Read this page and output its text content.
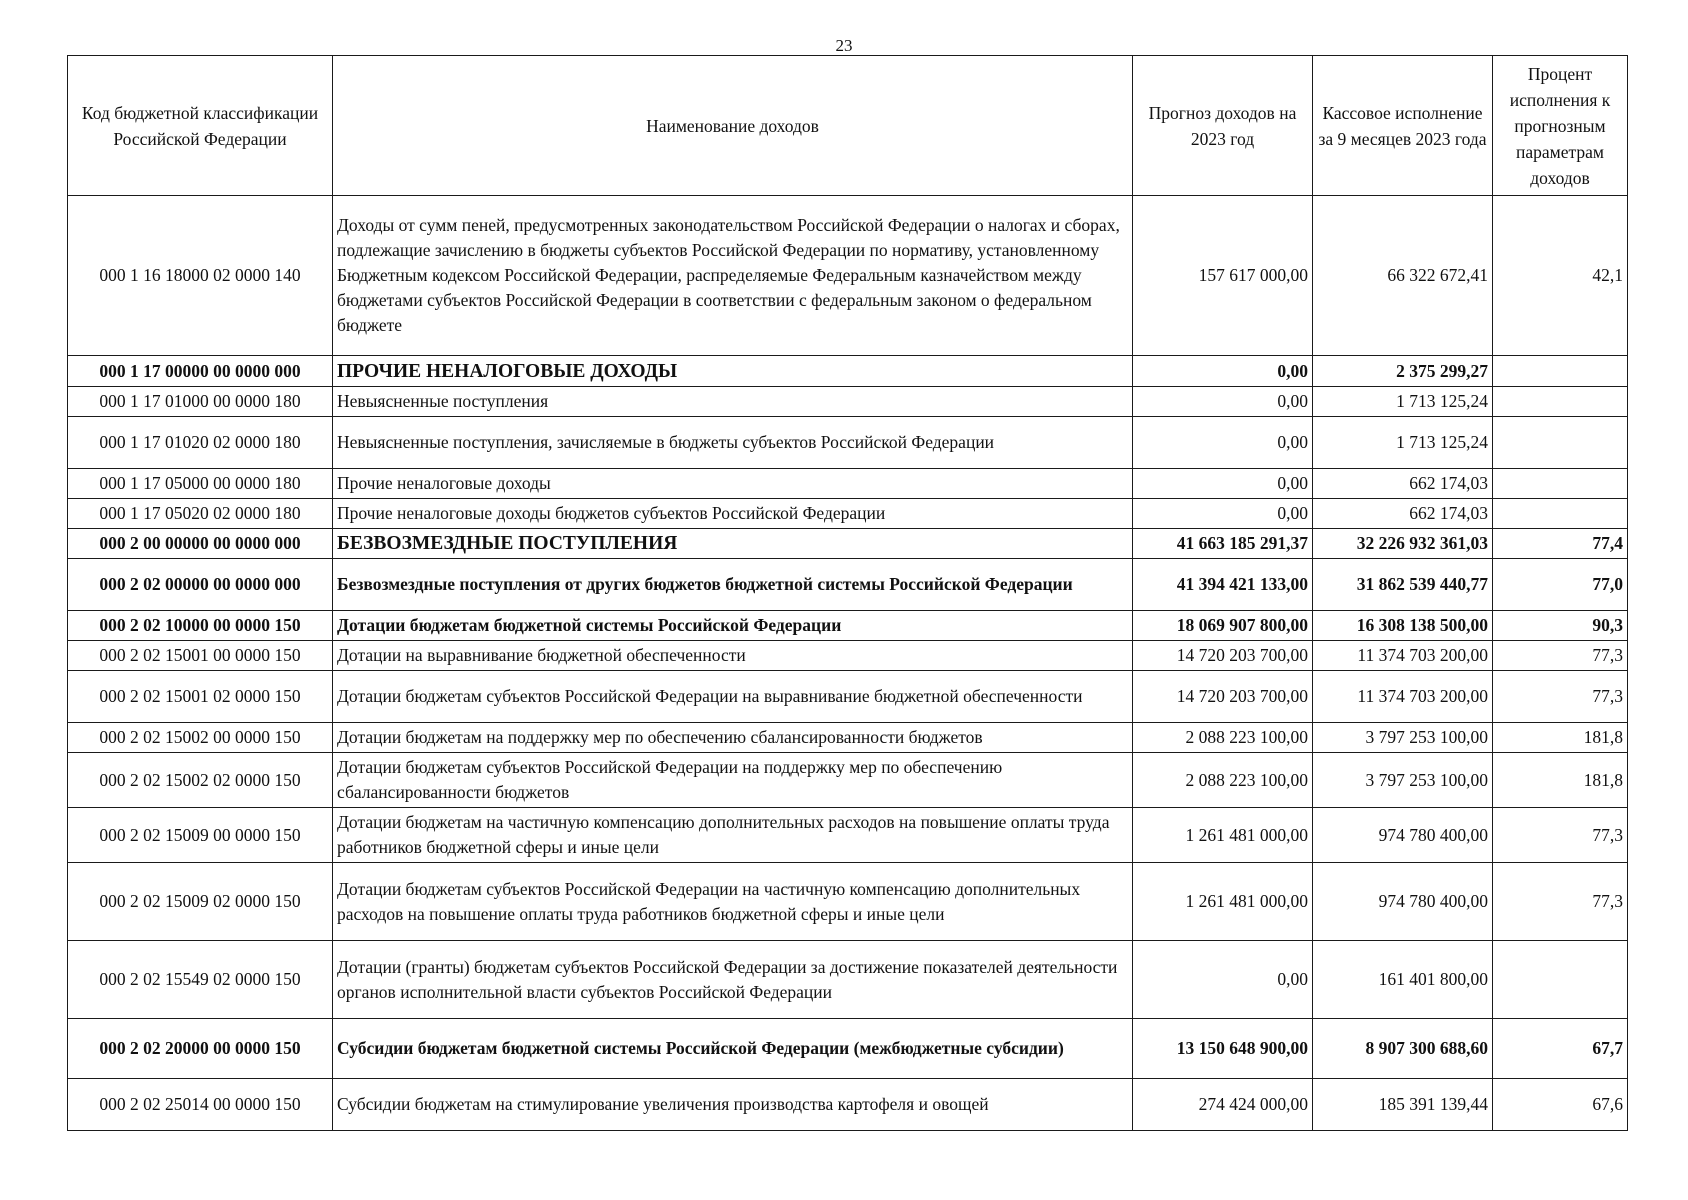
23
Код бюджетной классификации Российской Федерации	Наименование доходов	Прогноз доходов на 2023 год	Кассовое исполнение за 9 месяцев 2023 года	Процент исполнения к прогнозным параметрам доходов
000 1 16 18000 02 0000 140	Доходы от сумм пеней, предусмотренных законодательством Российской Федерации о налогах и сборах, подлежащие зачислению в бюджеты субъектов Российской Федерации по нормативу, установленному Бюджетным кодексом Российской Федерации, распределяемые Федеральным казначейством между бюджетами субъектов Российской Федерации в соответствии с федеральным законом о федеральном бюджете	157 617 000,00	66 322 672,41	42,1
000 1 17 00000 00 0000 000	ПРОЧИЕ НЕНАЛОГОВЫЕ ДОХОДЫ	0,00	2 375 299,27	
000 1 17 01000 00 0000 180	Невыясненные поступления	0,00	1 713 125,24	
000 1 17 01020 02 0000 180	Невыясненные поступления, зачисляемые в бюджеты субъектов Российской Федерации	0,00	1 713 125,24	
000 1 17 05000 00 0000 180	Прочие неналоговые доходы	0,00	662 174,03	
000 1 17 05020 02 0000 180	Прочие неналоговые доходы бюджетов субъектов Российской Федерации	0,00	662 174,03	
000 2 00 00000 00 0000 000	БЕЗВОЗМЕЗДНЫЕ ПОСТУПЛЕНИЯ	41 663 185 291,37	32 226 932 361,03	77,4
000 2 02 00000 00 0000 000	Безвозмездные поступления от других бюджетов бюджетной системы Российской Федерации	41 394 421 133,00	31 862 539 440,77	77,0
000 2 02 10000 00 0000 150	Дотации бюджетам бюджетной системы Российской Федерации	18 069 907 800,00	16 308 138 500,00	90,3
000 2 02 15001 00 0000 150	Дотации на выравнивание бюджетной обеспеченности	14 720 203 700,00	11 374 703 200,00	77,3
000 2 02 15001 02 0000 150	Дотации бюджетам субъектов Российской Федерации на выравнивание бюджетной обеспеченности	14 720 203 700,00	11 374 703 200,00	77,3
000 2 02 15002 00 0000 150	Дотации бюджетам на поддержку мер по обеспечению сбалансированности бюджетов	2 088 223 100,00	3 797 253 100,00	181,8
000 2 02 15002 02 0000 150	Дотации бюджетам субъектов Российской Федерации на поддержку мер по обеспечению сбалансированности бюджетов	2 088 223 100,00	3 797 253 100,00	181,8
000 2 02 15009 00 0000 150	Дотации бюджетам на частичную компенсацию дополнительных расходов на повышение оплаты труда работников бюджетной сферы и иные цели	1 261 481 000,00	974 780 400,00	77,3
000 2 02 15009 02 0000 150	Дотации бюджетам субъектов Российской Федерации на частичную компенсацию дополнительных расходов на повышение оплаты труда работников бюджетной сферы и иные цели	1 261 481 000,00	974 780 400,00	77,3
000 2 02 15549 02 0000 150	Дотации (гранты) бюджетам субъектов Российской Федерации за достижение показателей деятельности органов исполнительной власти субъектов Российской Федерации	0,00	161 401 800,00	
000 2 02 20000 00 0000 150	Субсидии бюджетам бюджетной системы Российской Федерации (межбюджетные субсидии)	13 150 648 900,00	8 907 300 688,60	67,7
000 2 02 25014 00 0000 150	Субсидии бюджетам на стимулирование увеличения производства картофеля и овощей	274 424 000,00	185 391 139,44	67,6
